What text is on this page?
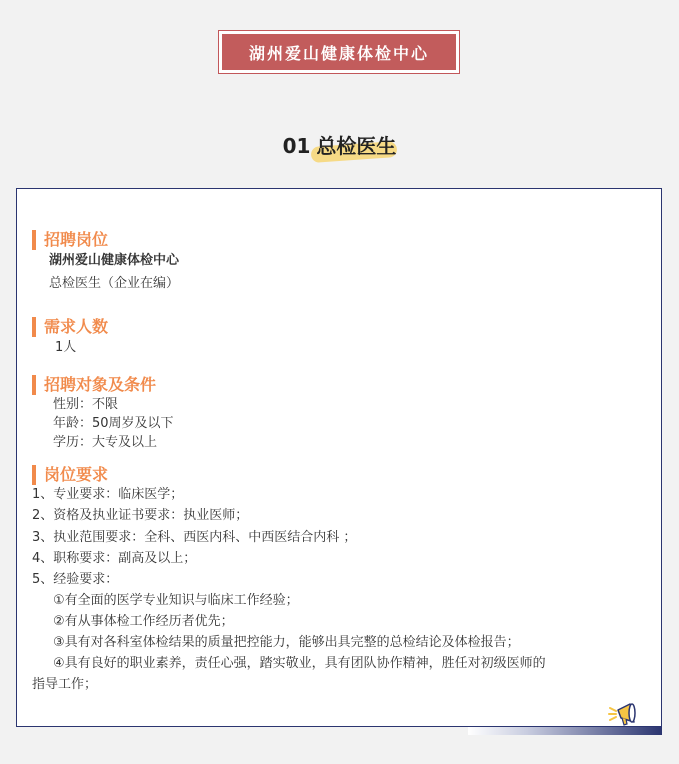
湖州爱山健康体检中心
01 总检医生
招聘岗位
湖州爱山健康体检中心
总检医生（企业在编）
需求人数
1人
招聘对象及条件
性别：不限
年龄：50周岁及以下
学历：大专及以上
岗位要求
1、专业要求：临床医学；
2、资格及执业证书要求：执业医师；
3、执业范围要求：全科、西医内科、中西医结合内科 ；
4、职称要求：副高及以上；
5、经验要求：
①有全面的医学专业知识与临床工作经验；
②有从事体检工作经历者优先；
③具有对各科室体检结果的质量把控能力，能够出具完整的总检结论及体检报告；
④具有良好的职业素养，责任心强，踏实敬业，具有团队协作精神，胜任对初级医师的
指导工作；
